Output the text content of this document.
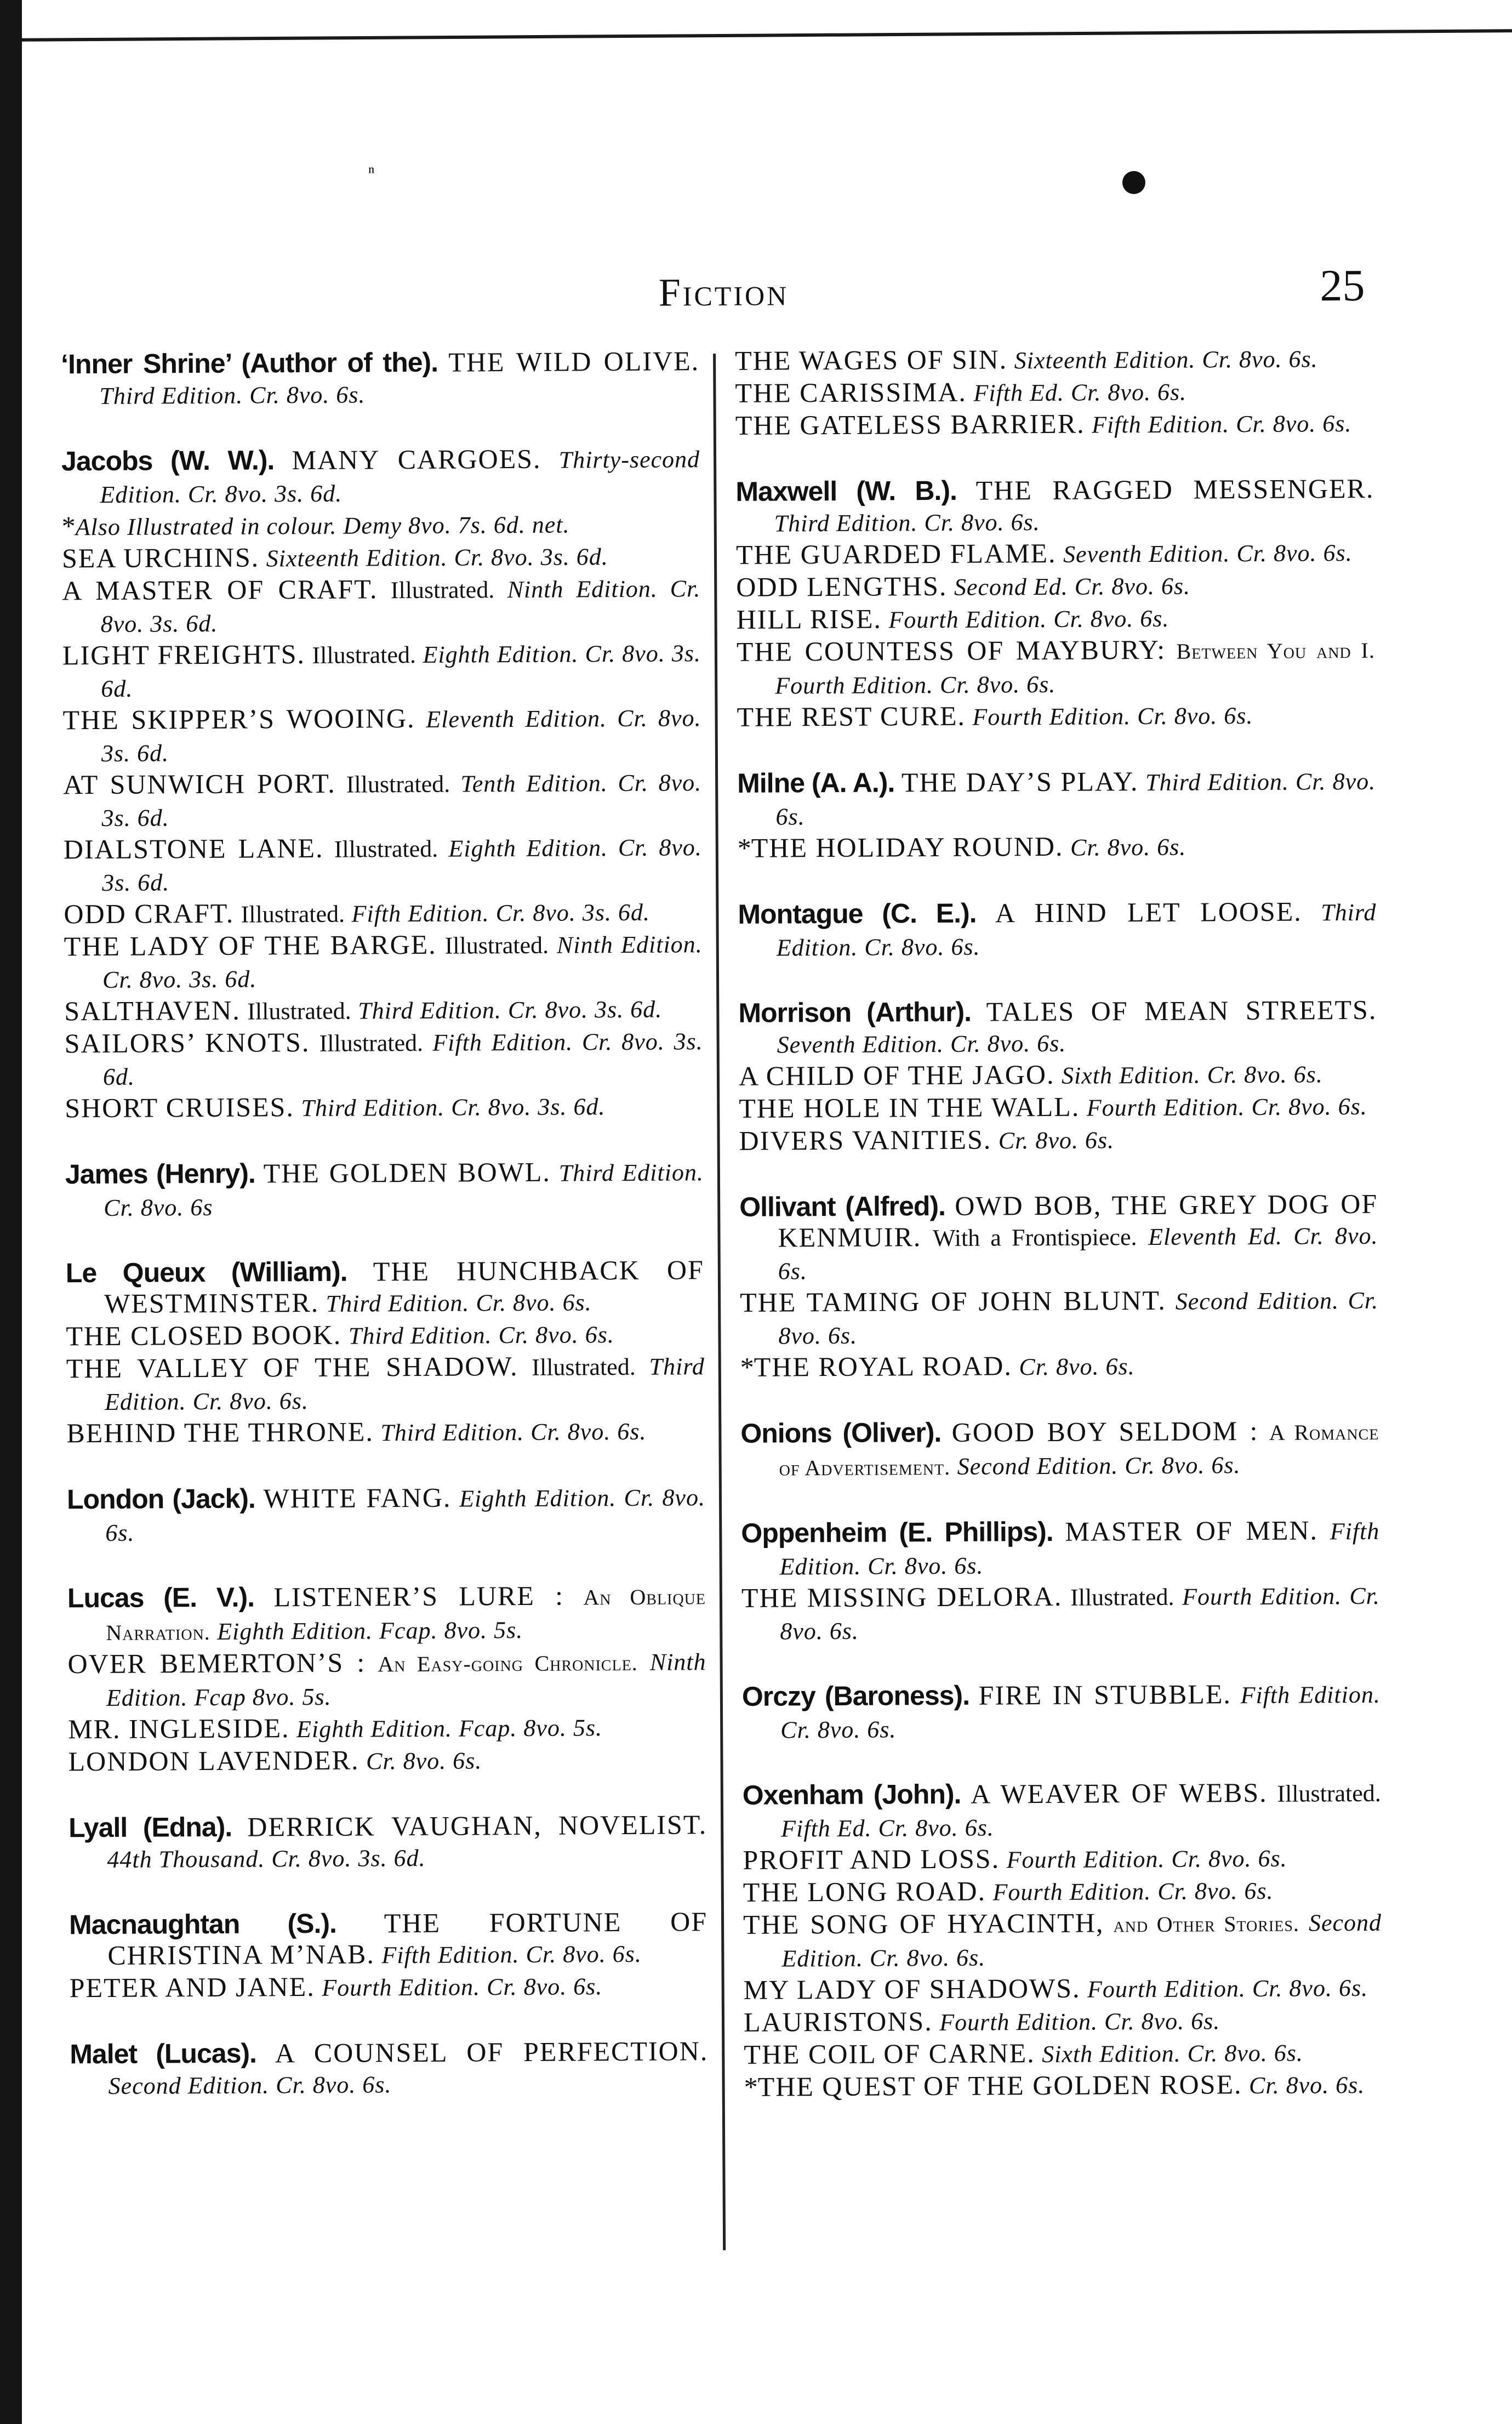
ⁿ
Fiction	25

‘Inner Shrine’ (Author of the). THE WILD OLIVE. Third Edition. Cr. 8vo. 6s.

Jacobs (W. W.). MANY CARGOES. Thirty-second Edition. Cr. 8vo. 3s. 6d.

*Also Illustrated in colour. Demy 8vo. 7s. 6d. net.

SEA URCHINS. Sixteenth Edition. Cr. 8vo. 3s. 6d.

A MASTER OF CRAFT. Illustrated. Ninth Edition. Cr. 8vo. 3s. 6d.

LIGHT FREIGHTS. Illustrated. Eighth Edition. Cr. 8vo. 3s. 6d.

THE SKIPPER’S WOOING. Eleventh Edition. Cr. 8vo. 3s. 6d.

AT SUNWICH PORT. Illustrated. Tenth Edition. Cr. 8vo. 3s. 6d.

DIALSTONE LANE. Illustrated. Eighth Edition. Cr. 8vo. 3s. 6d.

ODD CRAFT. Illustrated. Fifth Edition. Cr. 8vo. 3s. 6d.

THE LADY OF THE BARGE. Illustrated. Ninth Edition. Cr. 8vo. 3s. 6d.

SALTHAVEN. Illustrated. Third Edition. Cr. 8vo. 3s. 6d.

SAILORS’ KNOTS. Illustrated. Fifth Edition. Cr. 8vo. 3s. 6d.

SHORT CRUISES. Third Edition. Cr. 8vo. 3s. 6d.

James (Henry). THE GOLDEN BOWL. Third Edition. Cr. 8vo. 6s

Le Queux (William). THE HUNCHBACK OF WESTMINSTER. Third Edition. Cr. 8vo. 6s.

THE CLOSED BOOK. Third Edition. Cr. 8vo. 6s.

THE VALLEY OF THE SHADOW. Illustrated. Third Edition. Cr. 8vo. 6s.

BEHIND THE THRONE. Third Edition. Cr. 8vo. 6s.

London (Jack). WHITE FANG. Eighth Edition. Cr. 8vo. 6s.

Lucas (E. V.). LISTENER’S LURE : An Oblique Narration. Eighth Edition. Fcap. 8vo. 5s.

OVER BEMERTON’S : An Easy-going Chronicle. Ninth Edition. Fcap 8vo. 5s.

MR. INGLESIDE. Eighth Edition. Fcap. 8vo. 5s.

LONDON LAVENDER. Cr. 8vo. 6s.

Lyall (Edna). DERRICK VAUGHAN, NOVELIST. 44th Thousand. Cr. 8vo. 3s. 6d.

Macnaughtan (S.). THE FORTUNE OF CHRISTINA M’NAB. Fifth Edition. Cr. 8vo. 6s.

PETER AND JANE. Fourth Edition. Cr. 8vo. 6s.

Malet (Lucas). A COUNSEL OF PERFECTION. Second Edition. Cr. 8vo. 6s.

THE WAGES OF SIN. Sixteenth Edition. Cr. 8vo. 6s.

THE CARISSIMA. Fifth Ed. Cr. 8vo. 6s.

THE GATELESS BARRIER. Fifth Edition. Cr. 8vo. 6s.

Maxwell (W. B.). THE RAGGED MESSENGER. Third Edition. Cr. 8vo. 6s.

THE GUARDED FLAME. Seventh Edition. Cr. 8vo. 6s.

ODD LENGTHS. Second Ed. Cr. 8vo. 6s.

HILL RISE. Fourth Edition. Cr. 8vo. 6s.

THE COUNTESS OF MAYBURY: Between You and I. Fourth Edition. Cr. 8vo. 6s.

THE REST CURE. Fourth Edition. Cr. 8vo. 6s.

Milne (A. A.). THE DAY’S PLAY. Third Edition. Cr. 8vo. 6s.

*THE HOLIDAY ROUND. Cr. 8vo. 6s.

Montague (C. E.). A HIND LET LOOSE. Third Edition. Cr. 8vo. 6s.

Morrison (Arthur). TALES OF MEAN STREETS. Seventh Edition. Cr. 8vo. 6s.

A CHILD OF THE JAGO. Sixth Edition. Cr. 8vo. 6s.

THE HOLE IN THE WALL. Fourth Edition. Cr. 8vo. 6s.

DIVERS VANITIES. Cr. 8vo. 6s.

Ollivant (Alfred). OWD BOB, THE GREY DOG OF KENMUIR. With a Frontispiece. Eleventh Ed. Cr. 8vo. 6s.

THE TAMING OF JOHN BLUNT. Second Edition. Cr. 8vo. 6s.

*THE ROYAL ROAD. Cr. 8vo. 6s.

Onions (Oliver). GOOD BOY SELDOM : A Romance of Advertisement. Second Edition. Cr. 8vo. 6s.

Oppenheim (E. Phillips). MASTER OF MEN. Fifth Edition. Cr. 8vo. 6s.

THE MISSING DELORA. Illustrated. Fourth Edition. Cr. 8vo. 6s.

Orczy (Baroness). FIRE IN STUBBLE. Fifth Edition. Cr. 8vo. 6s.

Oxenham (John). A WEAVER OF WEBS. Illustrated. Fifth Ed. Cr. 8vo. 6s.

PROFIT AND LOSS. Fourth Edition. Cr. 8vo. 6s.

THE LONG ROAD. Fourth Edition. Cr. 8vo. 6s.

THE SONG OF HYACINTH, and Other Stories. Second Edition. Cr. 8vo. 6s.

MY LADY OF SHADOWS. Fourth Edition. Cr. 8vo. 6s.

LAURISTONS. Fourth Edition. Cr. 8vo. 6s.

THE COIL OF CARNE. Sixth Edition. Cr. 8vo. 6s.

*THE QUEST OF THE GOLDEN ROSE. Cr. 8vo. 6s.
